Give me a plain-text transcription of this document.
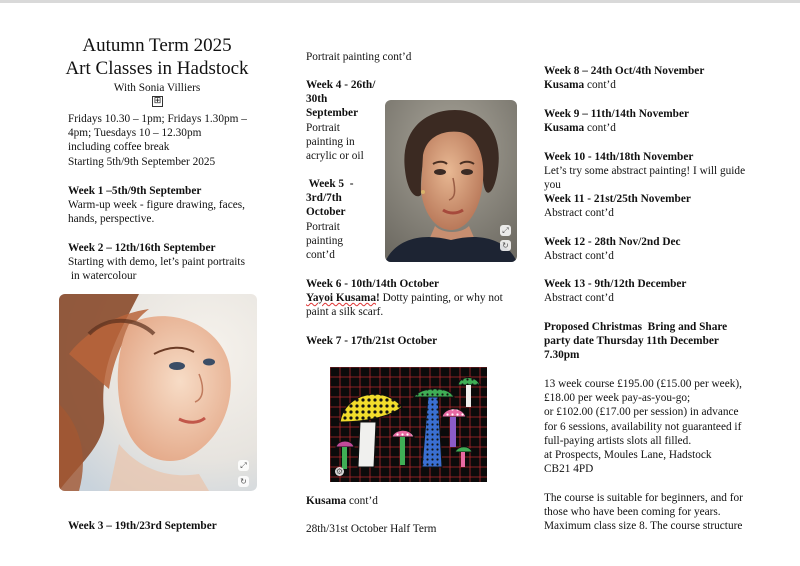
Autumn Term 2025
Art Classes in Hadstock
With Sonia Villiers
⊞

Fridays 10.30 – 1pm; Fridays 1.30pm –

4pm; Tuesdays 10 – 12.30pm

including coffee break

Starting 5th/9th September 2025

Week 1 –5th/9th September

Warm-up week - figure drawing, faces,

hands, perspective.

Week 2 – 12th/16th September

Starting with demo, let’s paint portraits

in watercolour

Week 3 – 19th/23rd September

⤢
↻

Portrait painting cont’d

Week 4 - 26th/

30th

September

Portrait

painting in

acrylic or oil

Week 5  -

3rd/7th

October

Portrait

painting

cont’d

Week 6 - 10th/14th October

Yayoi Kusama! Dotty painting, or why not

paint a silk scarf.

Week 7 - 17th/21st October

Kusama cont’d

28th/31st October Half Term

⤢
↻
⚙

Week 8 – 24th Oct/4th November

Kusama cont’d

Week 9 – 11th/14th November

Kusama cont’d

Week 10 - 14th/18th November

Let’s try some abstract painting! I will guide

you

Week 11 - 21st/25th November

Abstract cont’d

Week 12 - 28th Nov/2nd Dec

Abstract cont’d

Week 13 - 9th/12th December

Abstract cont’d

Proposed Christmas  Bring and Share

party date Thursday 11th December

7.30pm

13 week course £195.00 (£15.00 per week),

£18.00 per week pay-as-you-go;

or £102.00 (£17.00 per session) in advance

for 6 sessions, availability not guaranteed if

full-paying artists slots all filled.

at Prospects, Moules Lane, Hadstock

CB21 4PD

The course is suitable for beginners, and for

those who have been coming for years.

Maximum class size 8. The course structure
